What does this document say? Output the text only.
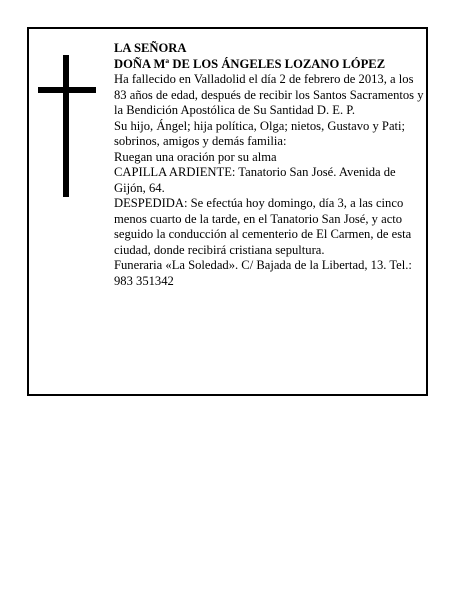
LA SEÑORA

DOÑA Mª DE LOS ÁNGELES LOZANO LÓPEZ

Ha fallecido en Valladolid el día 2 de febrero de 2013, a los 83 años de edad, después de recibir los Santos Sacramentos y la Bendición Apostólica de Su Santidad D. E. P.

Su hijo, Ángel; hija política, Olga; nietos, Gustavo y Pati; sobrinos, amigos y demás familia:

Ruegan una oración por su alma

CAPILLA ARDIENTE: Tanatorio San José. Avenida de Gijón, 64.

DESPEDIDA: Se efectúa hoy domingo, día 3, a las cinco menos cuarto de la tarde, en el Tanatorio San José, y acto seguido la conducción al cementerio de El Carmen, de esta ciudad, donde recibirá cristiana sepultura.

Funeraria «La Soledad». C/ Bajada de la Libertad, 13. Tel.: 983 351342
